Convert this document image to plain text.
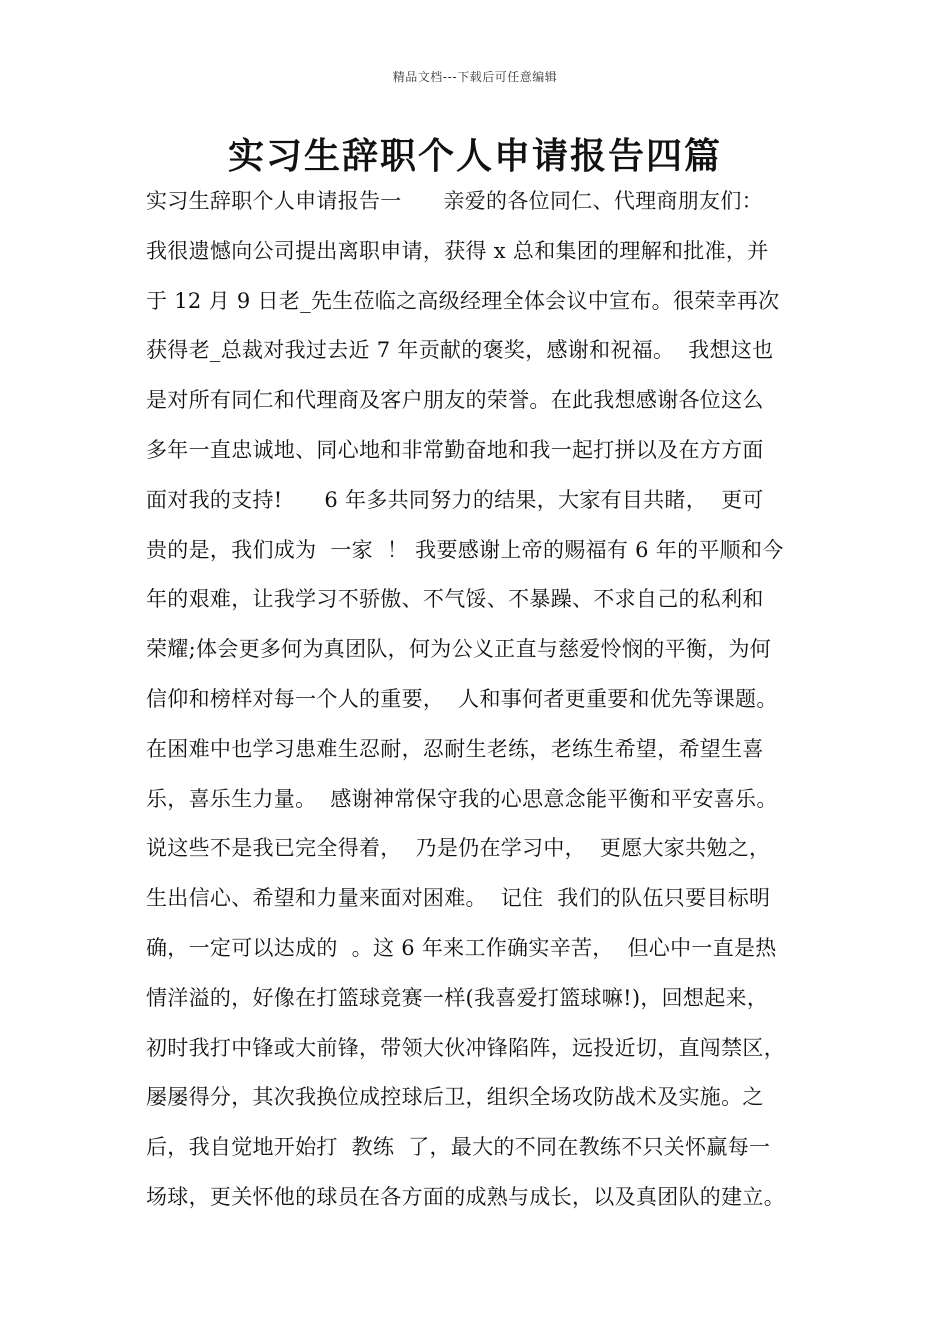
精品文档---下载后可任意编辑
实习生辞职个人申请报告四篇
实习生辞职个人申请报告一      亲爱的各位同仁、代理商朋友们：
我很遗憾向公司提出离职申请，获得 x 总和集团的理解和批准，并
于 12 月 9 日老_先生莅临之高级经理全体会议中宣布。很荣幸再次
获得老_总裁对我过去近 7 年贡献的褒奖，感谢和祝福。  我想这也
是对所有同仁和代理商及客户朋友的荣誉。在此我想感谢各位这么
多年一直忠诚地、同心地和非常勤奋地和我一起打拼以及在方方面
面对我的支持!      6 年多共同努力的结果，大家有目共睹，  更可
贵的是，我们成为  一家  ！ 我要感谢上帝的赐福有 6 年的平顺和今
年的艰难，让我学习不骄傲、不气馁、不暴躁、不求自己的私利和
荣耀;体会更多何为真团队，何为公义正直与慈爱怜悯的平衡，为何
信仰和榜样对每一个人的重要，  人和事何者更重要和优先等课题。
在困难中也学习患难生忍耐，忍耐生老练，老练生希望，希望生喜
乐，喜乐生力量。  感谢神常保守我的心思意念能平衡和平安喜乐。
说这些不是我已完全得着，  乃是仍在学习中，  更愿大家共勉之，
生出信心、希望和力量来面对困难。  记住  我们的队伍只要目标明
确，一定可以达成的  。这 6 年来工作确实辛苦，  但心中一直是热
情洋溢的，好像在打篮球竞赛一样(我喜爱打篮球嘛!)，回想起来，
初时我打中锋或大前锋，带领大伙冲锋陷阵，远投近切，直闯禁区，
屡屡得分，其次我换位成控球后卫，组织全场攻防战术及实施。之
后，我自觉地开始打  教练  了，最大的不同在教练不只关怀赢每一
场球，更关怀他的球员在各方面的成熟与成长，以及真团队的建立。
